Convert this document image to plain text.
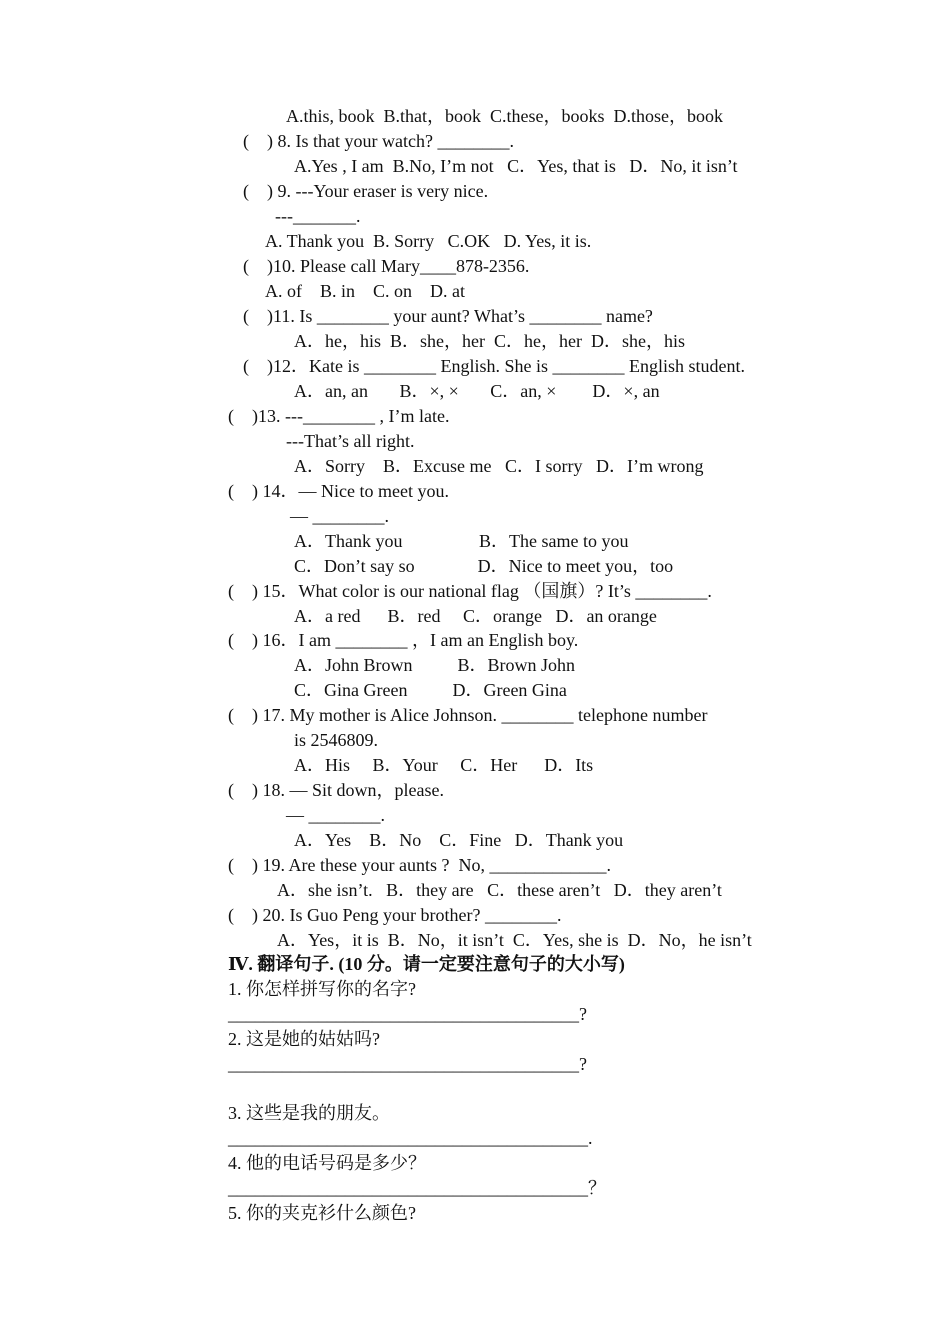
A.this, book  B.that，book  C.these，books  D.those，book
(    ) 8. Is that your watch? ________.
A.Yes , I am  B.No, I’m not   C．Yes, that is   D．No, it isn’t
(    ) 9. ---Your eraser is very nice.
---_______.
A. Thank you  B. Sorry   C.OK   D. Yes, it is.
(    )10. Please call Mary____878-2356.
A. of    B. in    C. on    D. at
(    )11. Is ________ your aunt? What’s ________ name?
A．he，his  B．she，her  C．he，her  D．she，his
(    )12．Kate is ________ English. She is ________ English student.
A．an, an       B．×, ×       C．an, ×        D．×, an
(    )13. ---________ , I’m late.
---That’s all right.
A．Sorry    B．Excuse me   C．I sorry   D．I’m wrong
(    ) 14．— Nice to meet you.
— ________.
A．Thank you                 B．The same to you
C．Don’t say so              D．Nice to meet you，too
(    ) 15．What color is our national flag （国旗）? It’s ________.
A．a red      B．red     C．orange   D．an orange
(    ) 16．I am ________ ，I am an English boy.
A．John Brown          B．Brown John
C．Gina Green          D．Green Gina
(    ) 17. My mother is Alice Johnson. ________ telephone number
is 2546809.
A．His     B．Your     C．Her      D．Its
(    ) 18. — Sit down，please.
— ________.
A．Yes    B．No    C．Fine   D．Thank you
(    ) 19. Are these your aunts ?  No, _____________.
A．she isn’t.   B．they are   C．these aren’t   D．they aren’t
(    ) 20. Is Guo Peng your brother? ________.
A．Yes，it is  B．No，it isn’t  C．Yes, she is  D．No，he isn’t
Ⅳ. 翻译句子. (10 分。请一定要注意句子的大小写)
1. 你怎样拼写你的名字?
_______________________________________?
2. 这是她的姑姑吗?
_______________________________________?
3. 这些是我的朋友。
________________________________________.
4. 他的电话号码是多少？
________________________________________？
5. 你的夹克衫什么颜色?
